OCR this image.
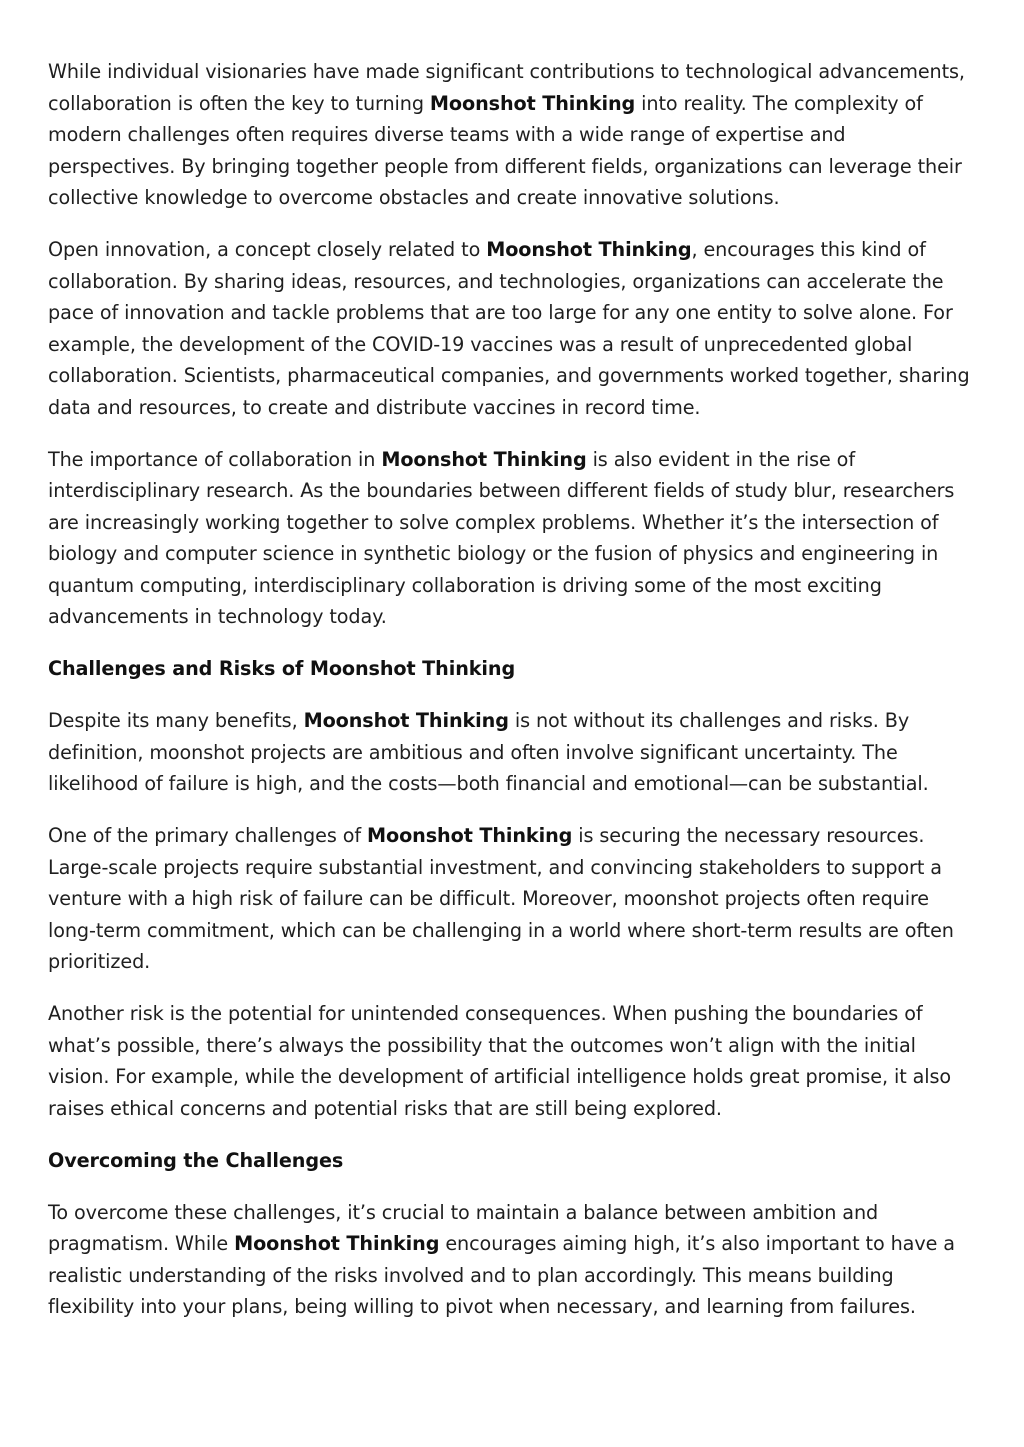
While individual visionaries have made significant contributions to technological advancements, collaboration is often the key to turning Moonshot Thinking into reality. The complexity of modern challenges often requires diverse teams with a wide range of expertise and perspectives. By bringing together people from different fields, organizations can leverage their collective knowledge to overcome obstacles and create innovative solutions.

Open innovation, a concept closely related to Moonshot Thinking, encourages this kind of collaboration. By sharing ideas, resources, and technologies, organizations can accelerate the pace of innovation and tackle problems that are too large for any one entity to solve alone. For example, the development of the COVID-19 vaccines was a result of unprecedented global collaboration. Scientists, pharmaceutical companies, and governments worked together, sharing data and resources, to create and distribute vaccines in record time.

The importance of collaboration in Moonshot Thinking is also evident in the rise of interdisciplinary research. As the boundaries between different fields of study blur, researchers are increasingly working together to solve complex problems. Whether it’s the intersection of biology and computer science in synthetic biology or the fusion of physics and engineering in quantum computing, interdisciplinary collaboration is driving some of the most exciting advancements in technology today.

Challenges and Risks of Moonshot Thinking

Despite its many benefits, Moonshot Thinking is not without its challenges and risks. By definition, moonshot projects are ambitious and often involve significant uncertainty. The likelihood of failure is high, and the costs—both financial and emotional—can be substantial.

One of the primary challenges of Moonshot Thinking is securing the necessary resources. Large-scale projects require substantial investment, and convincing stakeholders to support a venture with a high risk of failure can be difficult. Moreover, moonshot projects often require long-term commitment, which can be challenging in a world where short-term results are often prioritized.

Another risk is the potential for unintended consequences. When pushing the boundaries of what’s possible, there’s always the possibility that the outcomes won’t align with the initial vision. For example, while the development of artificial intelligence holds great promise, it also raises ethical concerns and potential risks that are still being explored.

Overcoming the Challenges

To overcome these challenges, it’s crucial to maintain a balance between ambition and pragmatism. While Moonshot Thinking encourages aiming high, it’s also important to have a realistic understanding of the risks involved and to plan accordingly. This means building flexibility into your plans, being willing to pivot when necessary, and learning from failures.
